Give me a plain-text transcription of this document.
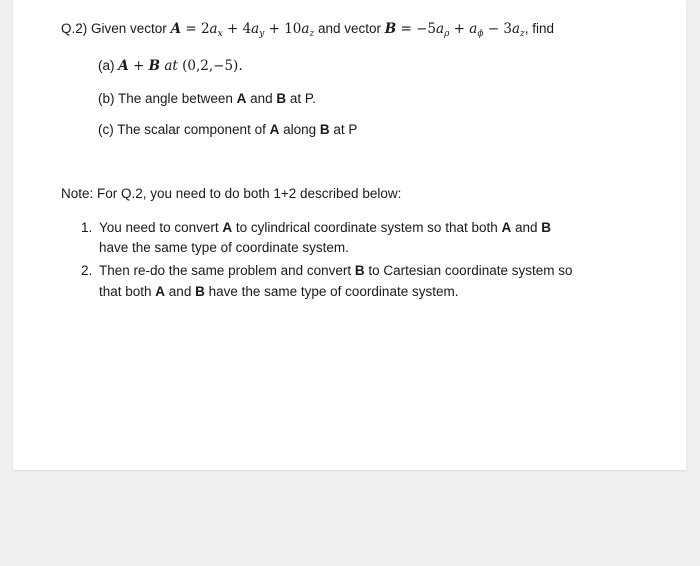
Q.2) Given vector $A = 2a_x + 4a_y + 10a_z$ and vector $B = -5a_\rho + a_\phi - 3a_z$, find
(a) A + B at (0,2,−5).
(b) The angle between A and B at P.
(c) The scalar component of A along B at P
Note: For Q.2, you need to do both 1+2 described below:
1. You need to convert A to cylindrical coordinate system so that both A and B
have the same type of coordinate system.
2. Then re-do the same problem and convert B to Cartesian coordinate system so
that both A and B have the same type of coordinate system.
